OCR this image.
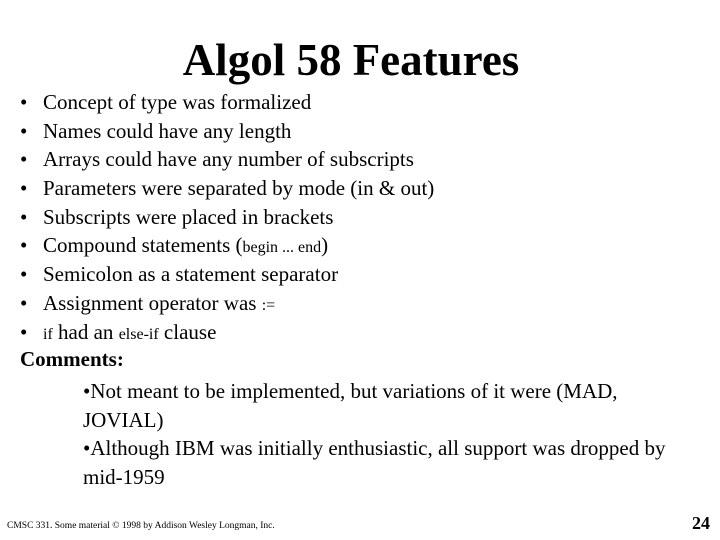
Algol 58 Features
• Concept of type was formalized
• Names could have any length
• Arrays could have any number of subscripts
• Parameters were separated by mode (in & out)
• Subscripts were placed in brackets
• Compound statements (begin ... end)
• Semicolon as a statement separator
• Assignment operator was :=
• if had an else-if clause
Comments:
•Not meant to be implemented, but variations of it were (MAD, JOVIAL)
•Although IBM was initially enthusiastic, all support was dropped by mid-1959
CMSC 331. Some material © 1998 by Addison Wesley Longman, Inc.	24
